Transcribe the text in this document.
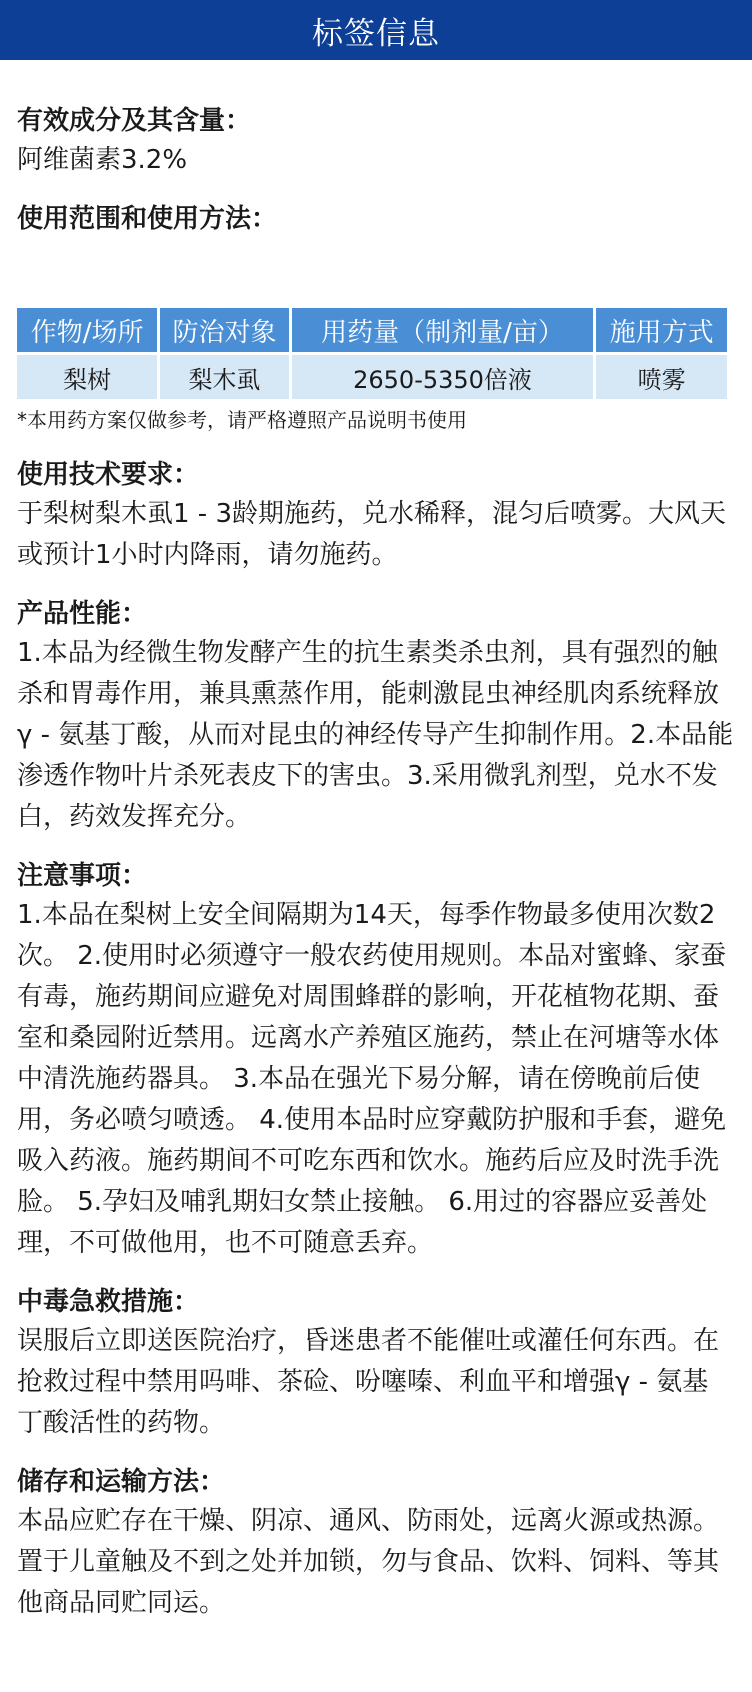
标签信息

有效成分及其含量：

阿维菌素3.2%

使用范围和使用方法：

作物/场所	防治对象	用药量（制剂量/亩）	施用方式
梨树	梨木虱	2650-5350倍液	喷雾

*本用药方案仅做参考，请严格遵照产品说明书使用

使用技术要求：

于梨树梨木虱1 - 3龄期施药，兑水稀释，混匀后喷雾。大风天或预计1小时内降雨，请勿施药。

产品性能：

1.本品为经微生物发酵产生的抗生素类杀虫剂，具有强烈的触杀和胃毒作用，兼具熏蒸作用，能刺激昆虫神经肌肉系统释放γ - 氨基丁酸，从而对昆虫的神经传导产生抑制作用。2.本品能渗透作物叶片杀死表皮下的害虫。3.采用微乳剂型，兑水不发白，药效发挥充分。

注意事项：

1.本品在梨树上安全间隔期为14天，每季作物最多使用次数2次。 2.使用时必须遵守一般农药使用规则。本品对蜜蜂、家蚕有毒，施药期间应避免对周围蜂群的影响，开花植物花期、蚕室和桑园附近禁用。远离水产养殖区施药，禁止在河塘等水体中清洗施药器具。 3.本品在强光下易分解，请在傍晚前后使用，务必喷匀喷透。 4.使用本品时应穿戴防护服和手套，避免吸入药液。施药期间不可吃东西和饮水。施药后应及时洗手洗脸。 5.孕妇及哺乳期妇女禁止接触。 6.用过的容器应妥善处理，不可做他用，也不可随意丢弃。

中毒急救措施：

误服后立即送医院治疗，昏迷患者不能催吐或灌任何东西。在抢救过程中禁用吗啡、茶硷、吩噻嗪、利血平和增强γ - 氨基丁酸活性的药物。

储存和运输方法：

本品应贮存在干燥、阴凉、通风、防雨处，远离火源或热源。置于儿童触及不到之处并加锁，勿与食品、饮料、饲料、等其他商品同贮同运。
